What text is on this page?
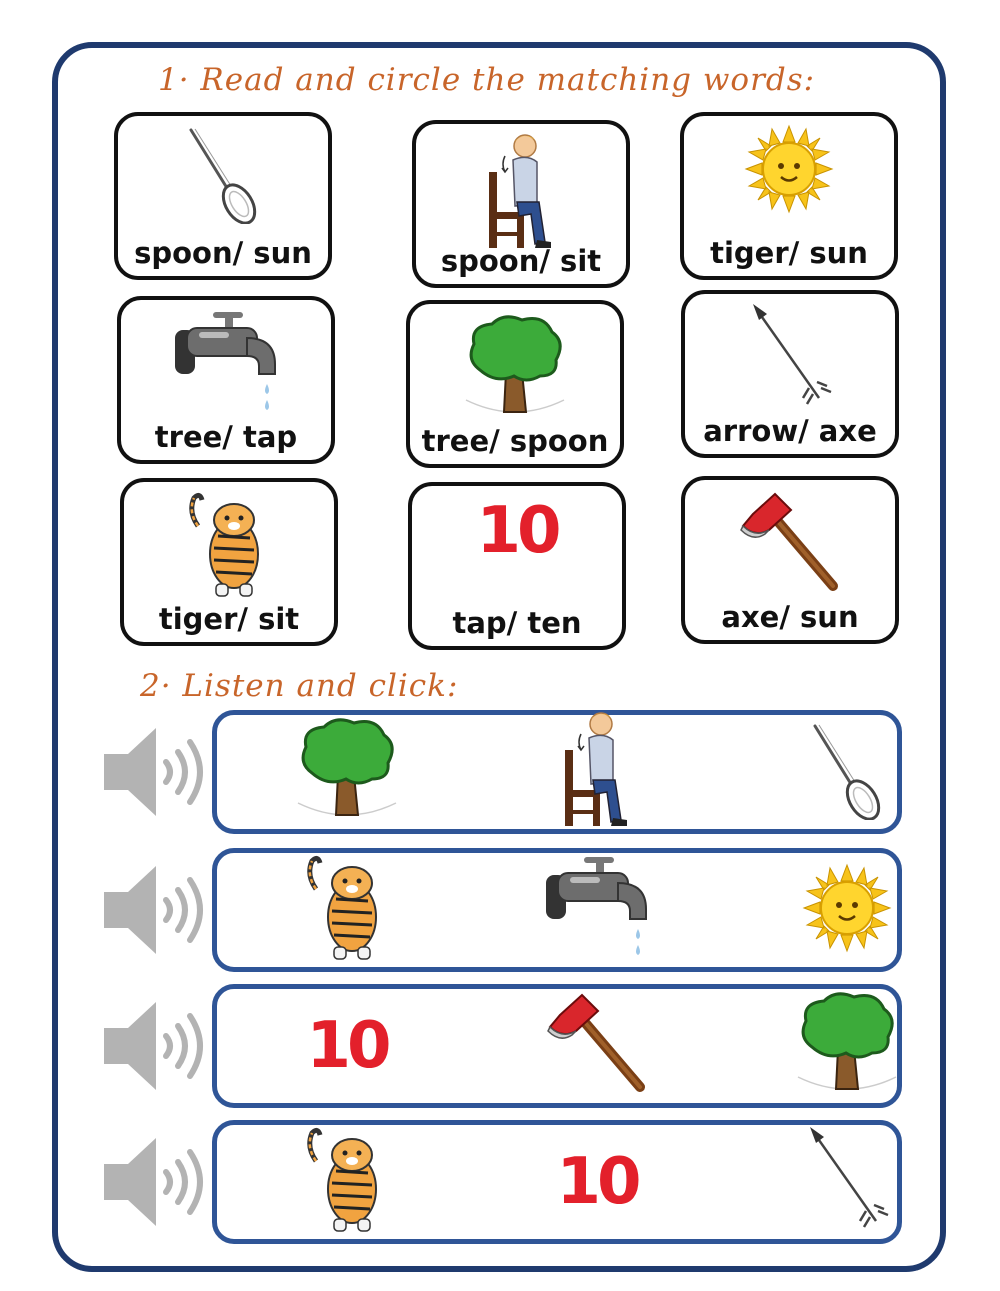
1· Read and circle the matching words:
spoon/ sun	spoon/ sit	tiger/ sun
tree/ tap	tree/ spoon	arrow/ axe
tiger/ sit
10
tap/ ten	axe/ sun
2· Listen and click:
10
10
